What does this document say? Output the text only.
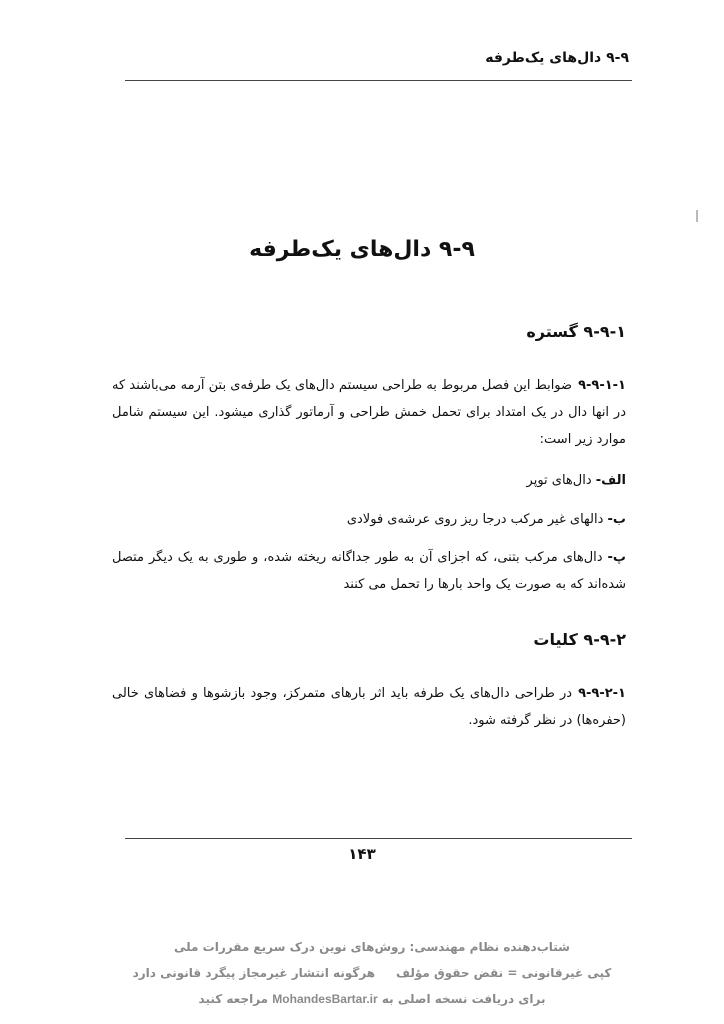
۹-۹ دال‌های یک‌طرفه
۹-۹ دال‌های یک‌طرفه
۹-۹-۱ گستره
۹-۹-۱-۱ضوابط این فصل مربوط به طراحی سیستم دال‌های یک طرفه‌ی بتن آرمه می‌باشند که در انها دال در یک امتداد برای تحمل خمش طراحی و آرماتور گذاری میشود. این سیستم شامل موارد زیر است:
الف- دال‌های توپر
ب- دالهای غیر مرکب درجا ریز روی عرشه‌ی فولادی
پ- دال‌های مرکب بتنی، که اجزای آن به طور جداگانه ریخته شده، و طوری به یک دیگر متصل شده‌اند که به صورت یک واحد بارها را تحمل می کنند
۹-۹-۲ کلیات
۹-۹-۲-۱در طراحی دال‌های یک طرفه باید اثر بارهای متمرکز، وجود بازشوها و فضاهای خالی (حفره‌ها) در نظر گرفته شود.
۱۴۳
شتاب‌دهنده نظام مهندسی: روش‌های نوین درک سریع مقررات ملی
کپی غیرقانونی = نقض حقوق مؤلف     هرگونه انتشار غیرمجاز پیگرد قانونی دارد
برای دریافت نسخه اصلی به MohandesBartar.ir مراجعه کنید
